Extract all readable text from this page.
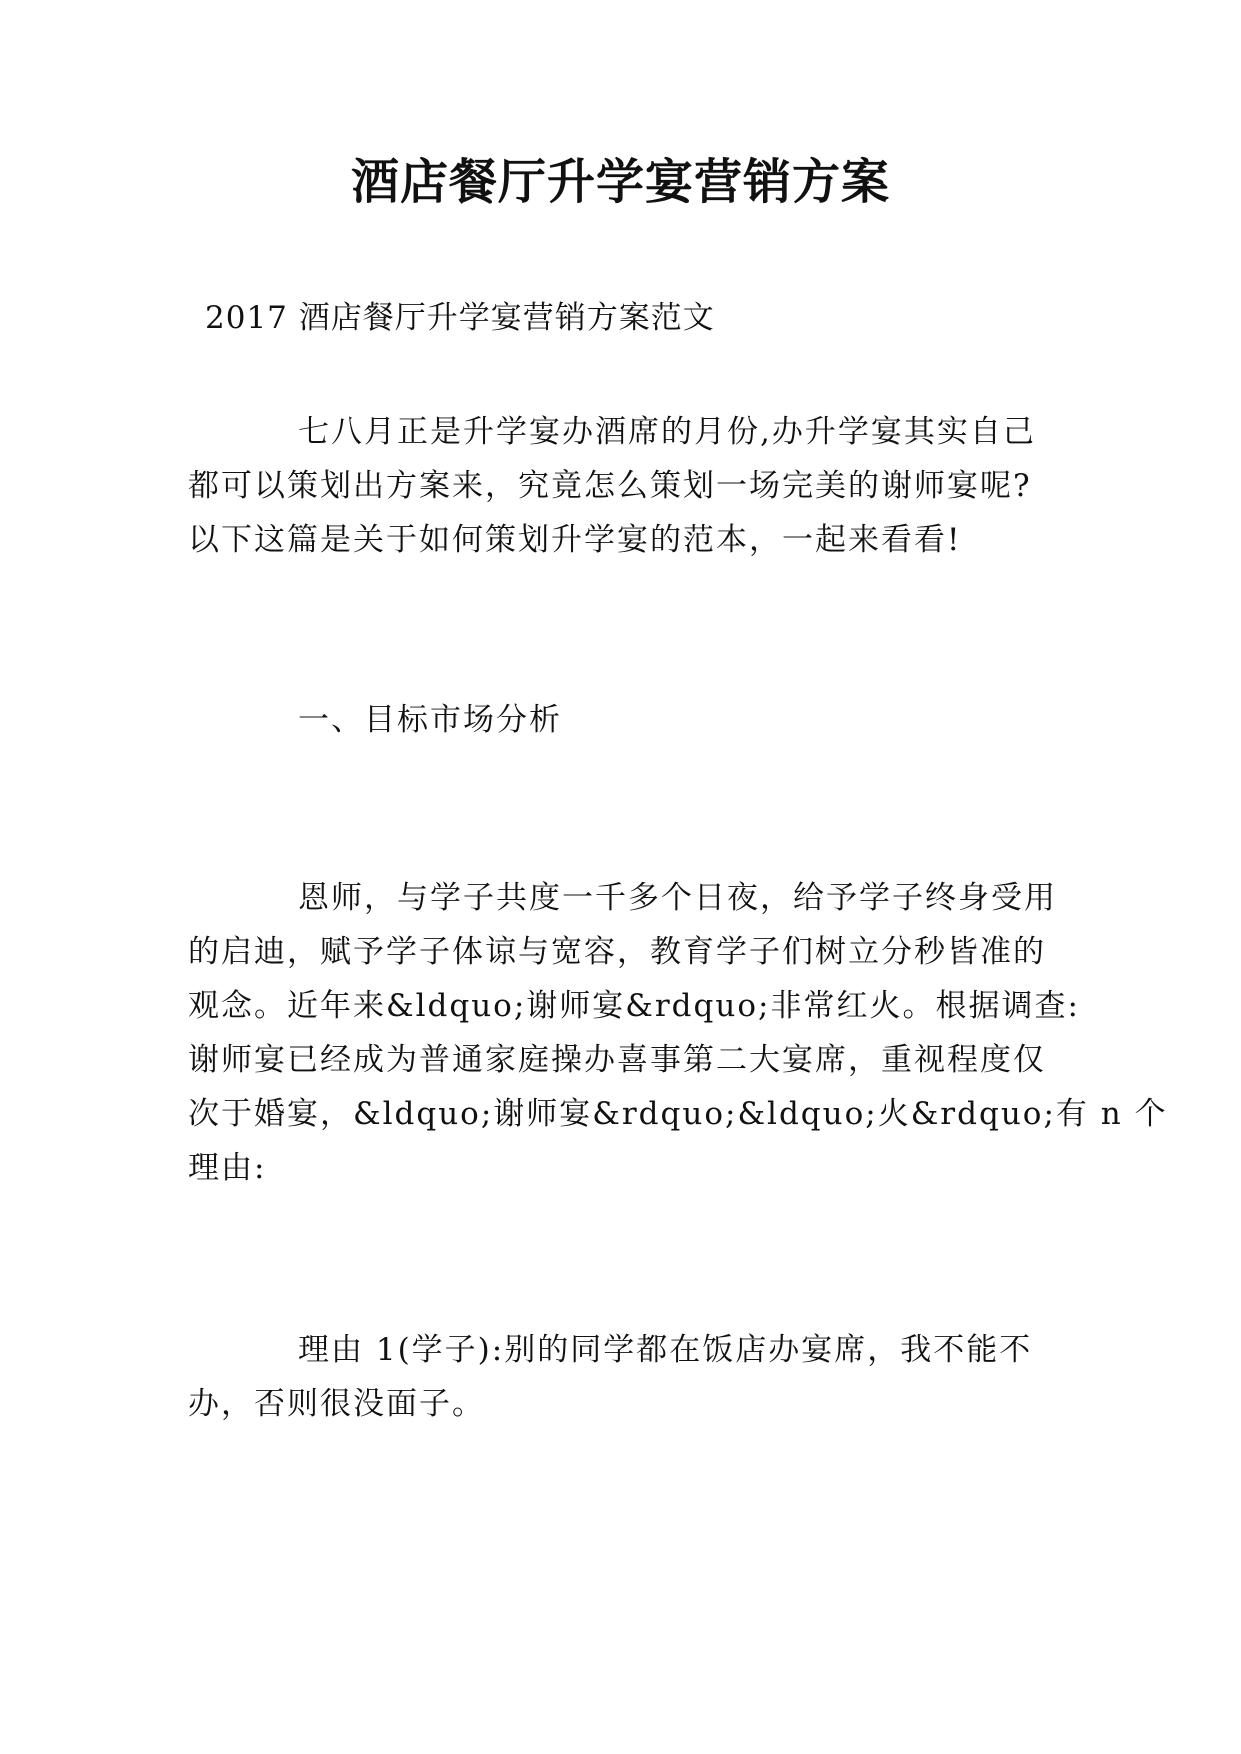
酒店餐厅升学宴营销方案
2017 酒店餐厅升学宴营销方案范文
七八月正是升学宴办酒席的月份,办升学宴其实自己
都可以策划出方案来，究竟怎么策划一场完美的谢师宴呢?
以下这篇是关于如何策划升学宴的范本，一起来看看!
一、目标市场分析
恩师，与学子共度一千多个日夜，给予学子终身受用
的启迪，赋予学子体谅与宽容，教育学子们树立分秒皆准的
观念。近年来&ldquo;谢师宴&rdquo;非常红火。根据调查:
谢师宴已经成为普通家庭操办喜事第二大宴席，重视程度仅
次于婚宴，&ldquo;谢师宴&rdquo;&ldquo;火&rdquo;有 n 个
理由:
理由 1(学子):别的同学都在饭店办宴席，我不能不
办，否则很没面子。
